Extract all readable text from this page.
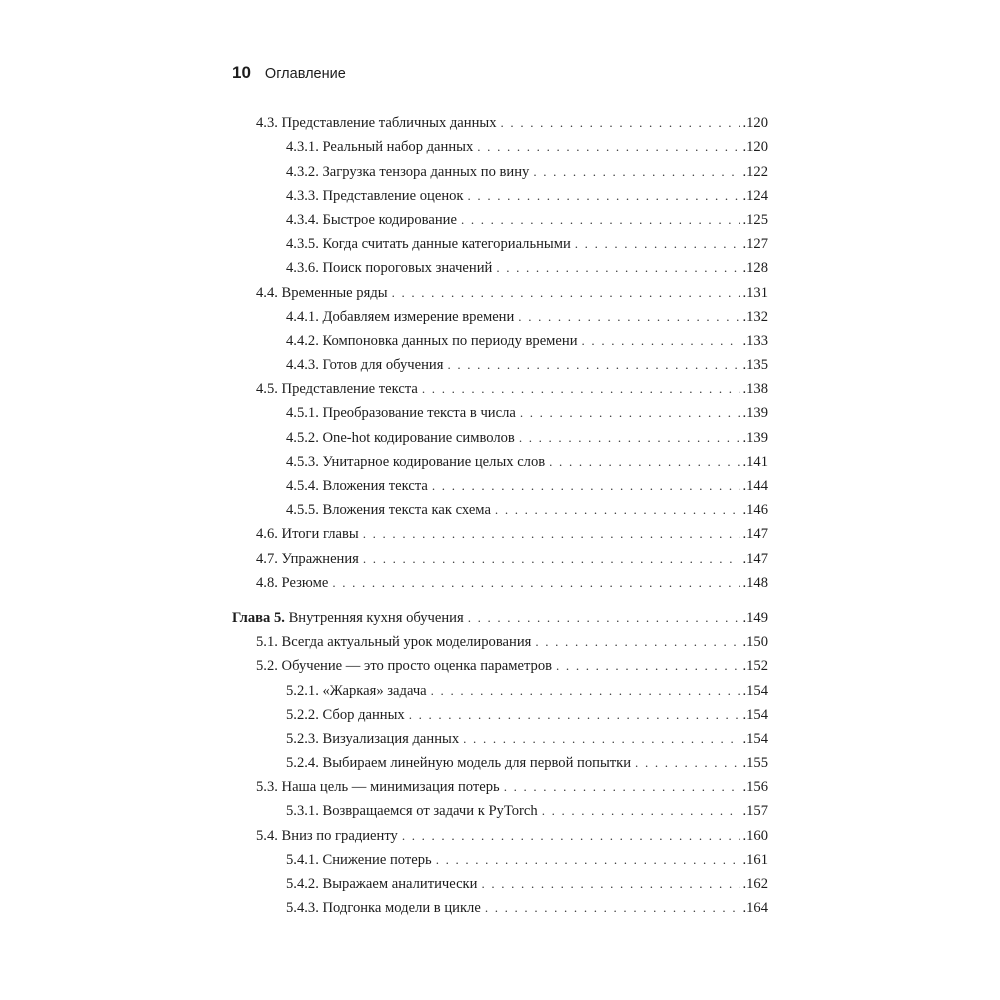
10 Оглавление
4.3. Представление табличных данных . . .	.120
4.3.1. Реальный набор данных . . .	.120
4.3.2. Загрузка тензора данных по вину . . .	.122
4.3.3. Представление оценок . . .	.124
4.3.4. Быстрое кодирование . . .	.125
4.3.5. Когда считать данные категориальными . . .	.127
4.3.6. Поиск пороговых значений . . .	.128
4.4. Временные ряды . . .	.131
4.4.1. Добавляем измерение времени . . .	.132
4.4.2. Компоновка данных по периоду времени . . .	.133
4.4.3. Готов для обучения . . .	.135
4.5. Представление текста . . .	.138
4.5.1. Преобразование текста в числа . . .	.139
4.5.2. One-hot кодирование символов . . .	.139
4.5.3. Унитарное кодирование целых слов . . .	.141
4.5.4. Вложения текста . . .	.144
4.5.5. Вложения текста как схема . . .	.146
4.6. Итоги главы . . .	.147
4.7. Упражнения . . .	.147
4.8. Резюме . . .	.148
Глава 5. Внутренняя кухня обучения . . .	.149
5.1. Всегда актуальный урок моделирования . . .	.150
5.2. Обучение — это просто оценка параметров . . .	.152
5.2.1. «Жаркая» задача . . .	.154
5.2.2. Сбор данных . . .	.154
5.2.3. Визуализация данных . . .	.154
5.2.4. Выбираем линейную модель для первой попытки . . .	.155
5.3. Наша цель — минимизация потерь . . .	.156
5.3.1. Возвращаемся от задачи к PyTorch . . .	.157
5.4. Вниз по градиенту . . .	.160
5.4.1. Снижение потерь . . .	.161
5.4.2. Выражаем аналитически . . .	.162
5.4.3. Подгонка модели в цикле . . .	.164
